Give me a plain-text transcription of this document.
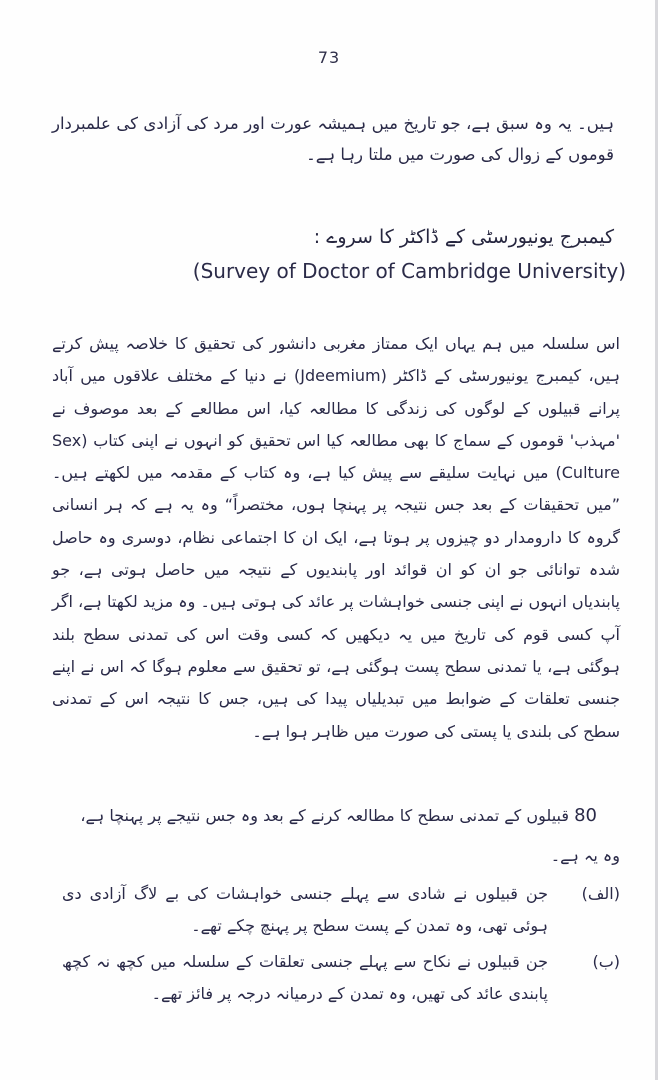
73
ہیں۔ یہ وہ سبق ہے، جو تاریخ میں ہمیشہ عورت اور مرد کی آزادی کی علمبردار قوموں کے زوال کی صورت میں ملتا رہا ہے۔
کیمبرج یونیورسٹی کے ڈاکٹر کا سروے :
(Survey of Doctor of Cambridge University)
اس سلسلہ میں ہم یہاں ایک ممتاز مغربی دانشور کی تحقیق کا خلاصہ پیش کرتے ہیں، کیمبرج یونیورسٹی کے ڈاکٹر (Jdeemium) نے دنیا کے مختلف علاقوں میں آباد پرانے قبیلوں کے لوگوں کی زندگی کا مطالعہ کیا، اس مطالعے کے بعد موصوف نے 'مہذب' قوموں کے سماج کا بھی مطالعہ کیا اس تحقیق کو انہوں نے اپنی کتاب (Sex Culture) میں نہایت سلیقے سے پیش کیا ہے، وہ کتاب کے مقدمہ میں لکھتے ہیں۔ ”میں تحقیقات کے بعد جس نتیجہ پر پہنچا ہوں، مختصراً“ وہ یہ ہے کہ ہر انسانی گروہ کا دارومدار دو چیزوں پر ہوتا ہے، ایک ان کا اجتماعی نظام، دوسری وہ حاصل شدہ توانائی جو ان کو ان قوائد اور پابندیوں کے نتیجہ میں حاصل ہوتی ہے، جو پابندیاں انہوں نے اپنی جنسی خواہشات پر عائد کی ہوتی ہیں۔ وہ مزید لکھتا ہے، اگر آپ کسی قوم کی تاریخ میں یہ دیکھیں کہ کسی وقت اس کی تمدنی سطح بلند ہوگئی ہے، یا تمدنی سطح پست ہوگئی ہے، تو تحقیق سے معلوم ہوگا کہ اس نے اپنے جنسی تعلقات کے ضوابط میں تبدیلیاں پیدا کی ہیں، جس کا نتیجہ اس کے تمدنی سطح کی بلندی یا پستی کی صورت میں ظاہر ہوا ہے۔
80 قبیلوں کے تمدنی سطح کا مطالعہ کرنے کے بعد وہ جس نتیجے پر پہنچا ہے،
وہ یہ ہے۔
(الف)
جن قبیلوں نے شادی سے پہلے جنسی خواہشات کی بے لاگ آزادی دی ہوئی تھی، وہ تمدن کے پست سطح پر پہنچ چکے تھے۔
(ب)
جن قبیلوں نے نکاح سے پہلے جنسی تعلقات کے سلسلہ میں کچھ نہ کچھ پابندی عائد کی تھیں، وہ تمدن کے درمیانہ درجہ پر فائز تھے۔
